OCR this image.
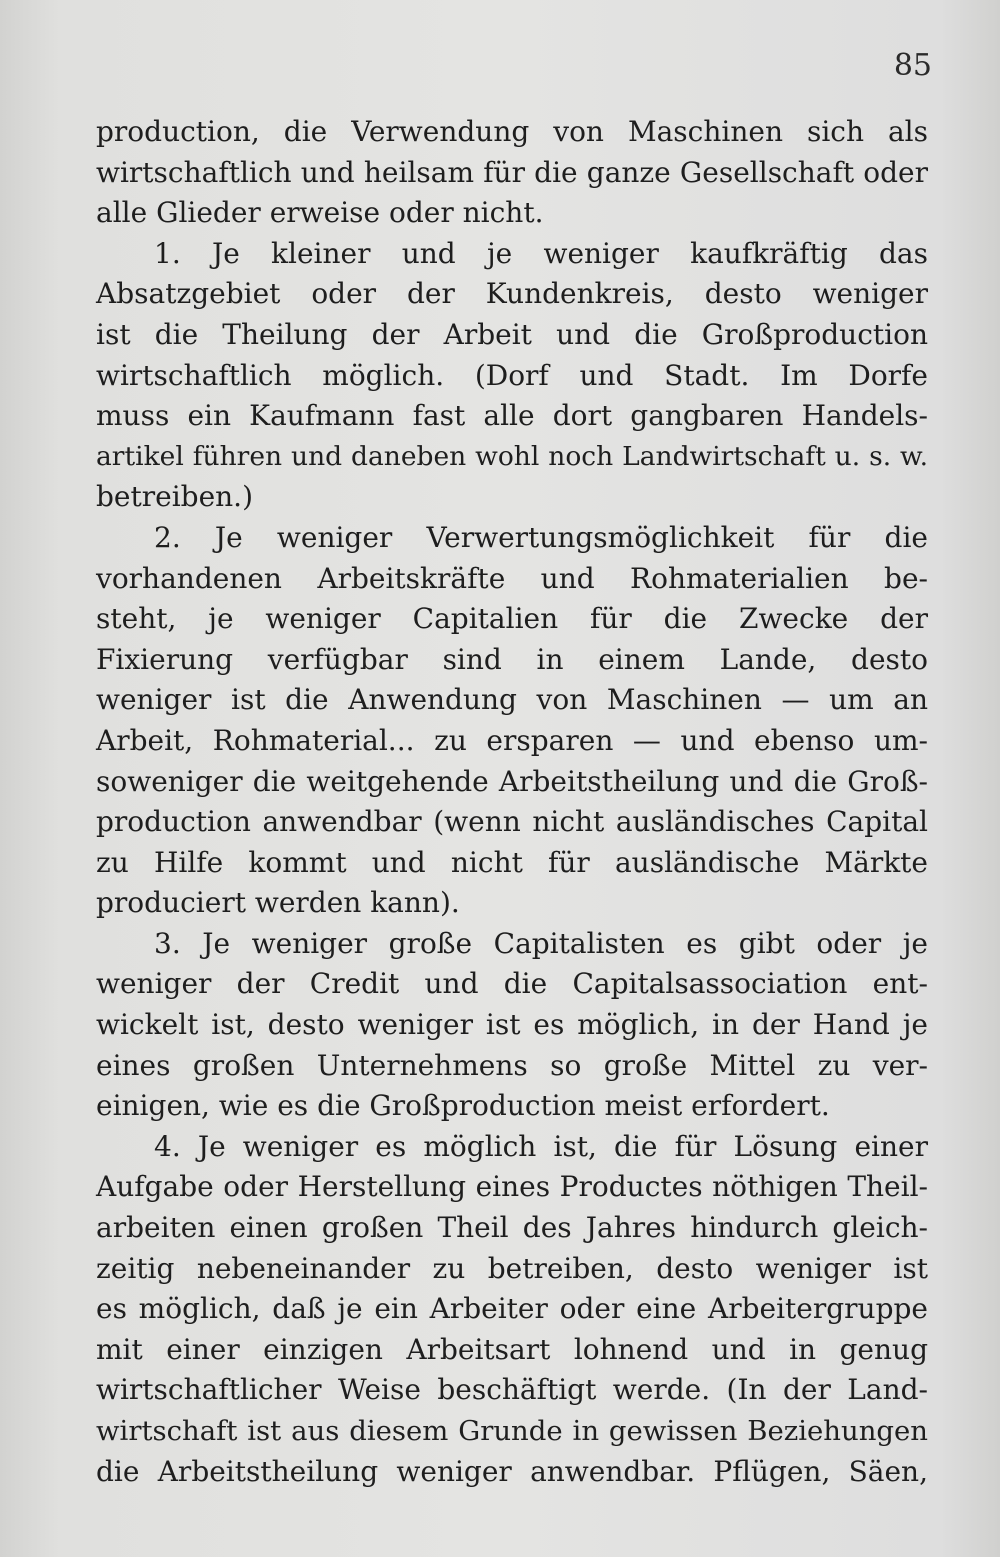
85
production, die Verwendung von Maschinen sich als
wirtschaftlich und heilsam für die ganze Gesellschaft oder
alle Glieder erweise oder nicht.
1. Je kleiner und je weniger kaufkräftig das
Absatzgebiet oder der Kundenkreis, desto weniger
ist die Theilung der Arbeit und die Großproduction
wirtschaftlich möglich. (Dorf und Stadt. Im Dorfe
muss ein Kaufmann fast alle dort gangbaren Handels-
artikel führen und daneben wohl noch Landwirtschaft u. s. w.
betreiben.)
2. Je weniger Verwertungsmöglichkeit für die
vorhandenen Arbeitskräfte und Rohmaterialien be-
steht, je weniger Capitalien für die Zwecke der
Fixierung verfügbar sind in einem Lande, desto
weniger ist die Anwendung von Maschinen — um an
Arbeit, Rohmaterial... zu ersparen — und ebenso um-
soweniger die weitgehende Arbeitstheilung und die Groß-
production anwendbar (wenn nicht ausländisches Capital
zu Hilfe kommt und nicht für ausländische Märkte
produciert werden kann).
3. Je weniger große Capitalisten es gibt oder je
weniger der Credit und die Capitalsassociation ent-
wickelt ist, desto weniger ist es möglich, in der Hand je
eines großen Unternehmens so große Mittel zu ver-
einigen, wie es die Großproduction meist erfordert.
4. Je weniger es möglich ist, die für Lösung einer
Aufgabe oder Herstellung eines Productes nöthigen Theil-
arbeiten einen großen Theil des Jahres hindurch gleich-
zeitig nebeneinander zu betreiben, desto weniger ist
es möglich, daß je ein Arbeiter oder eine Arbeitergruppe
mit einer einzigen Arbeitsart lohnend und in genug
wirtschaftlicher Weise beschäftigt werde. (In der Land-
wirtschaft ist aus diesem Grunde in gewissen Beziehungen
die Arbeitstheilung weniger anwendbar. Pflügen, Säen,
